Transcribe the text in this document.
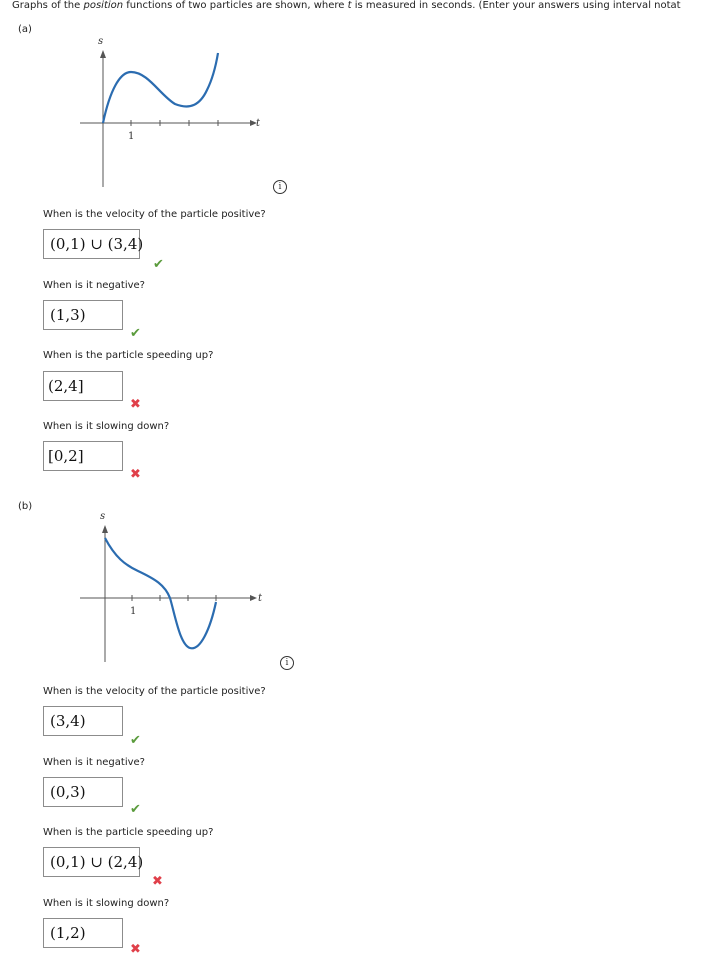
Graphs of the position functions of two particles are shown, where t is measured in seconds. (Enter your answers using interval notat
(a)
s
t
1
i
When is the velocity of the particle positive?
(0,1) ∪ (3,4)
✔
When is it negative?
(1,3)
✔
When is the particle speeding up?
(2,4]
✖
When is it slowing down?
[0,2]
✖
(b)
s
t
1
i
When is the velocity of the particle positive?
(3,4)
✔
When is it negative?
(0,3)
✔
When is the particle speeding up?
(0,1) ∪ (2,4)
✖
When is it slowing down?
(1,2)
✖
